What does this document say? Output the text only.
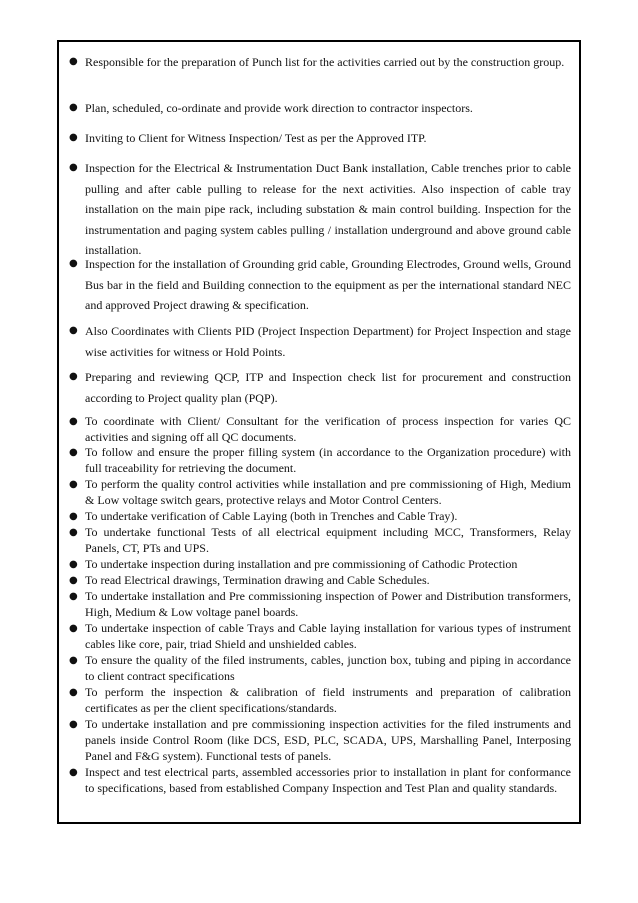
● Responsible for the preparation of Punch list for the activities carried out by the construction group.
● Plan, scheduled, co-ordinate and provide work direction to contractor inspectors.
● Inviting to Client for Witness Inspection/ Test as per the Approved ITP.
● Inspection for the Electrical & Instrumentation Duct Bank installation, Cable trenches prior to cable pulling and after cable pulling to release for the next activities. Also inspection of cable tray installation on the main pipe rack, including substation & main control building. Inspection for the instrumentation and paging system cables pulling / installation underground and above ground cable installation.
● Inspection for the installation of Grounding grid cable, Grounding Electrodes, Ground wells, Ground Bus bar in the field and Building connection to the equipment as per the international standard NEC and approved Project drawing & specification.
● Also Coordinates with Clients PID (Project Inspection Department) for Project Inspection and stage wise activities for witness or Hold Points.
● Preparing and reviewing QCP, ITP and Inspection check list for procurement and construction according to Project quality plan (PQP).
● To coordinate with Client/ Consultant for the verification of process inspection for varies QC activities and signing off all QC documents.
● To follow and ensure the proper filling system (in accordance to the Organization procedure) with full traceability for retrieving the document.
● To perform the quality control activities while installation and pre commissioning of High, Medium & Low voltage switch gears, protective relays and Motor Control Centers.
● To undertake verification of Cable Laying (both in Trenches and Cable Tray).
● To undertake functional Tests of all electrical equipment including MCC, Transformers, Relay Panels, CT, PTs and UPS.
● To undertake inspection during installation and pre commissioning of Cathodic Protection
● To read Electrical drawings, Termination drawing and Cable Schedules.
● To undertake installation and Pre commissioning inspection of Power and Distribution transformers, High, Medium & Low voltage panel boards.
● To undertake inspection of cable Trays and Cable laying installation for various types of instrument cables like core, pair, triad Shield and unshielded cables.
● To ensure the quality of the filed instruments, cables, junction box, tubing and piping in accordance to client contract specifications
● To perform the inspection & calibration of field instruments and preparation of calibration certificates as per the client specifications/standards.
● To undertake installation and pre commissioning inspection activities for the filed instruments and panels inside Control Room (like DCS, ESD, PLC, SCADA, UPS, Marshalling Panel, Interposing Panel and F&G system). Functional tests of panels.
● Inspect and test electrical parts, assembled accessories prior to installation in plant for conformance to specifications, based from established Company Inspection and Test Plan and quality standards.
